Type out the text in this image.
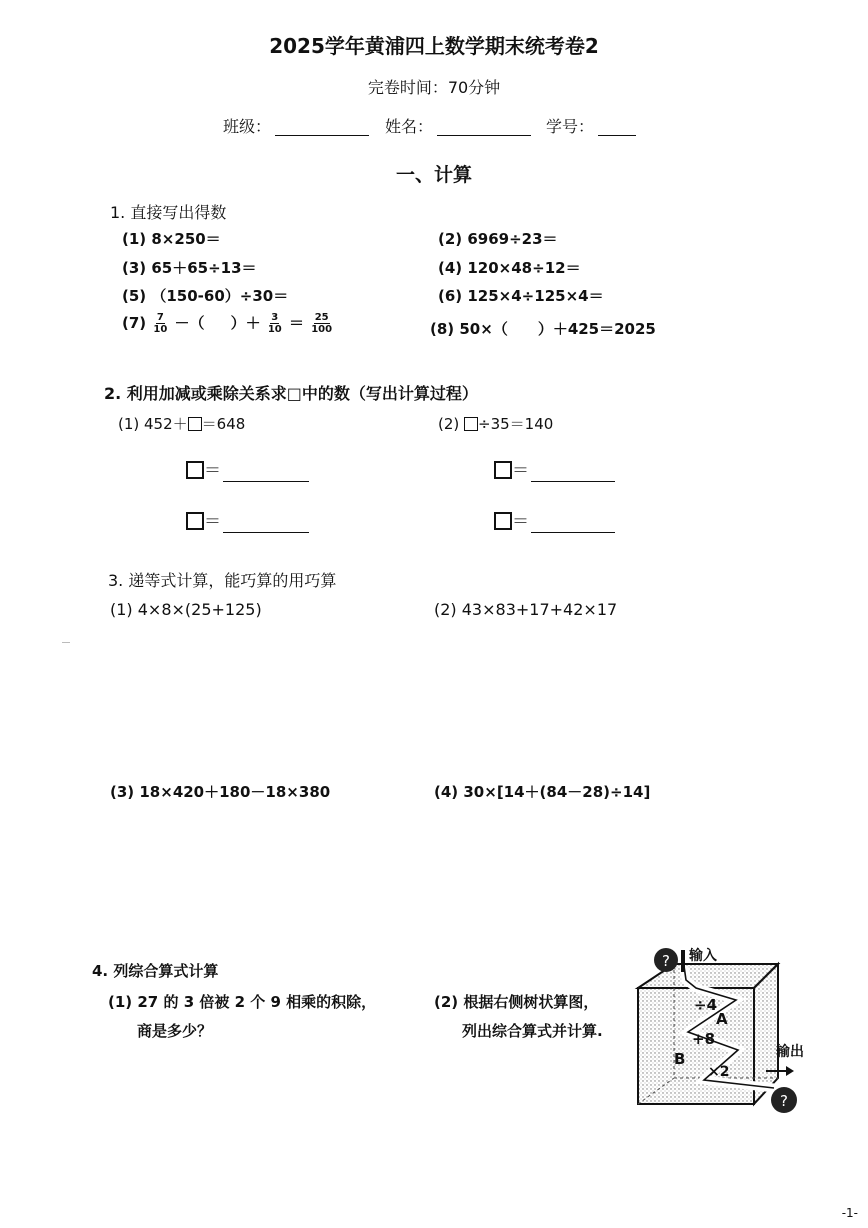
2025学年黄浦四上数学期末统考卷2
完卷时间：70分钟
班级：	姓名：	学号：
一、计算
1. 直接写出得数
(1) 8×250＝	(2) 6969÷23＝
(3) 65＋65÷13＝	(4) 120×48÷12＝
(5) （150-60）÷30＝	(6) 125×4÷125×4＝
$(7) \frac{7}{10}$ －（ ）＋ $\frac{3}{10} = \frac{25}{100}$	(8) 50×（　　）＋425＝2025
2. 利用加减或乘除关系求□中的数（写出计算过程）
(1) 452＋ ＝648	(2) ÷35＝140
＝
＝
＝
＝
3. 递等式计算，能巧算的用巧算
(1) 4×8×(25+125)	(2) 43×83+17+42×17
(3) 18×420＋180－18×380	(4) 30×[14＋(84－28)÷14]
4. 列综合算式计算
(1) 27 的 3 倍被 2 个 9 相乘的积除，
商是多少？
(2) 根据右侧树状算图，
列出综合算式并计算.
? 输入
÷4
A
+8
B
×2
输出
?
-1-
